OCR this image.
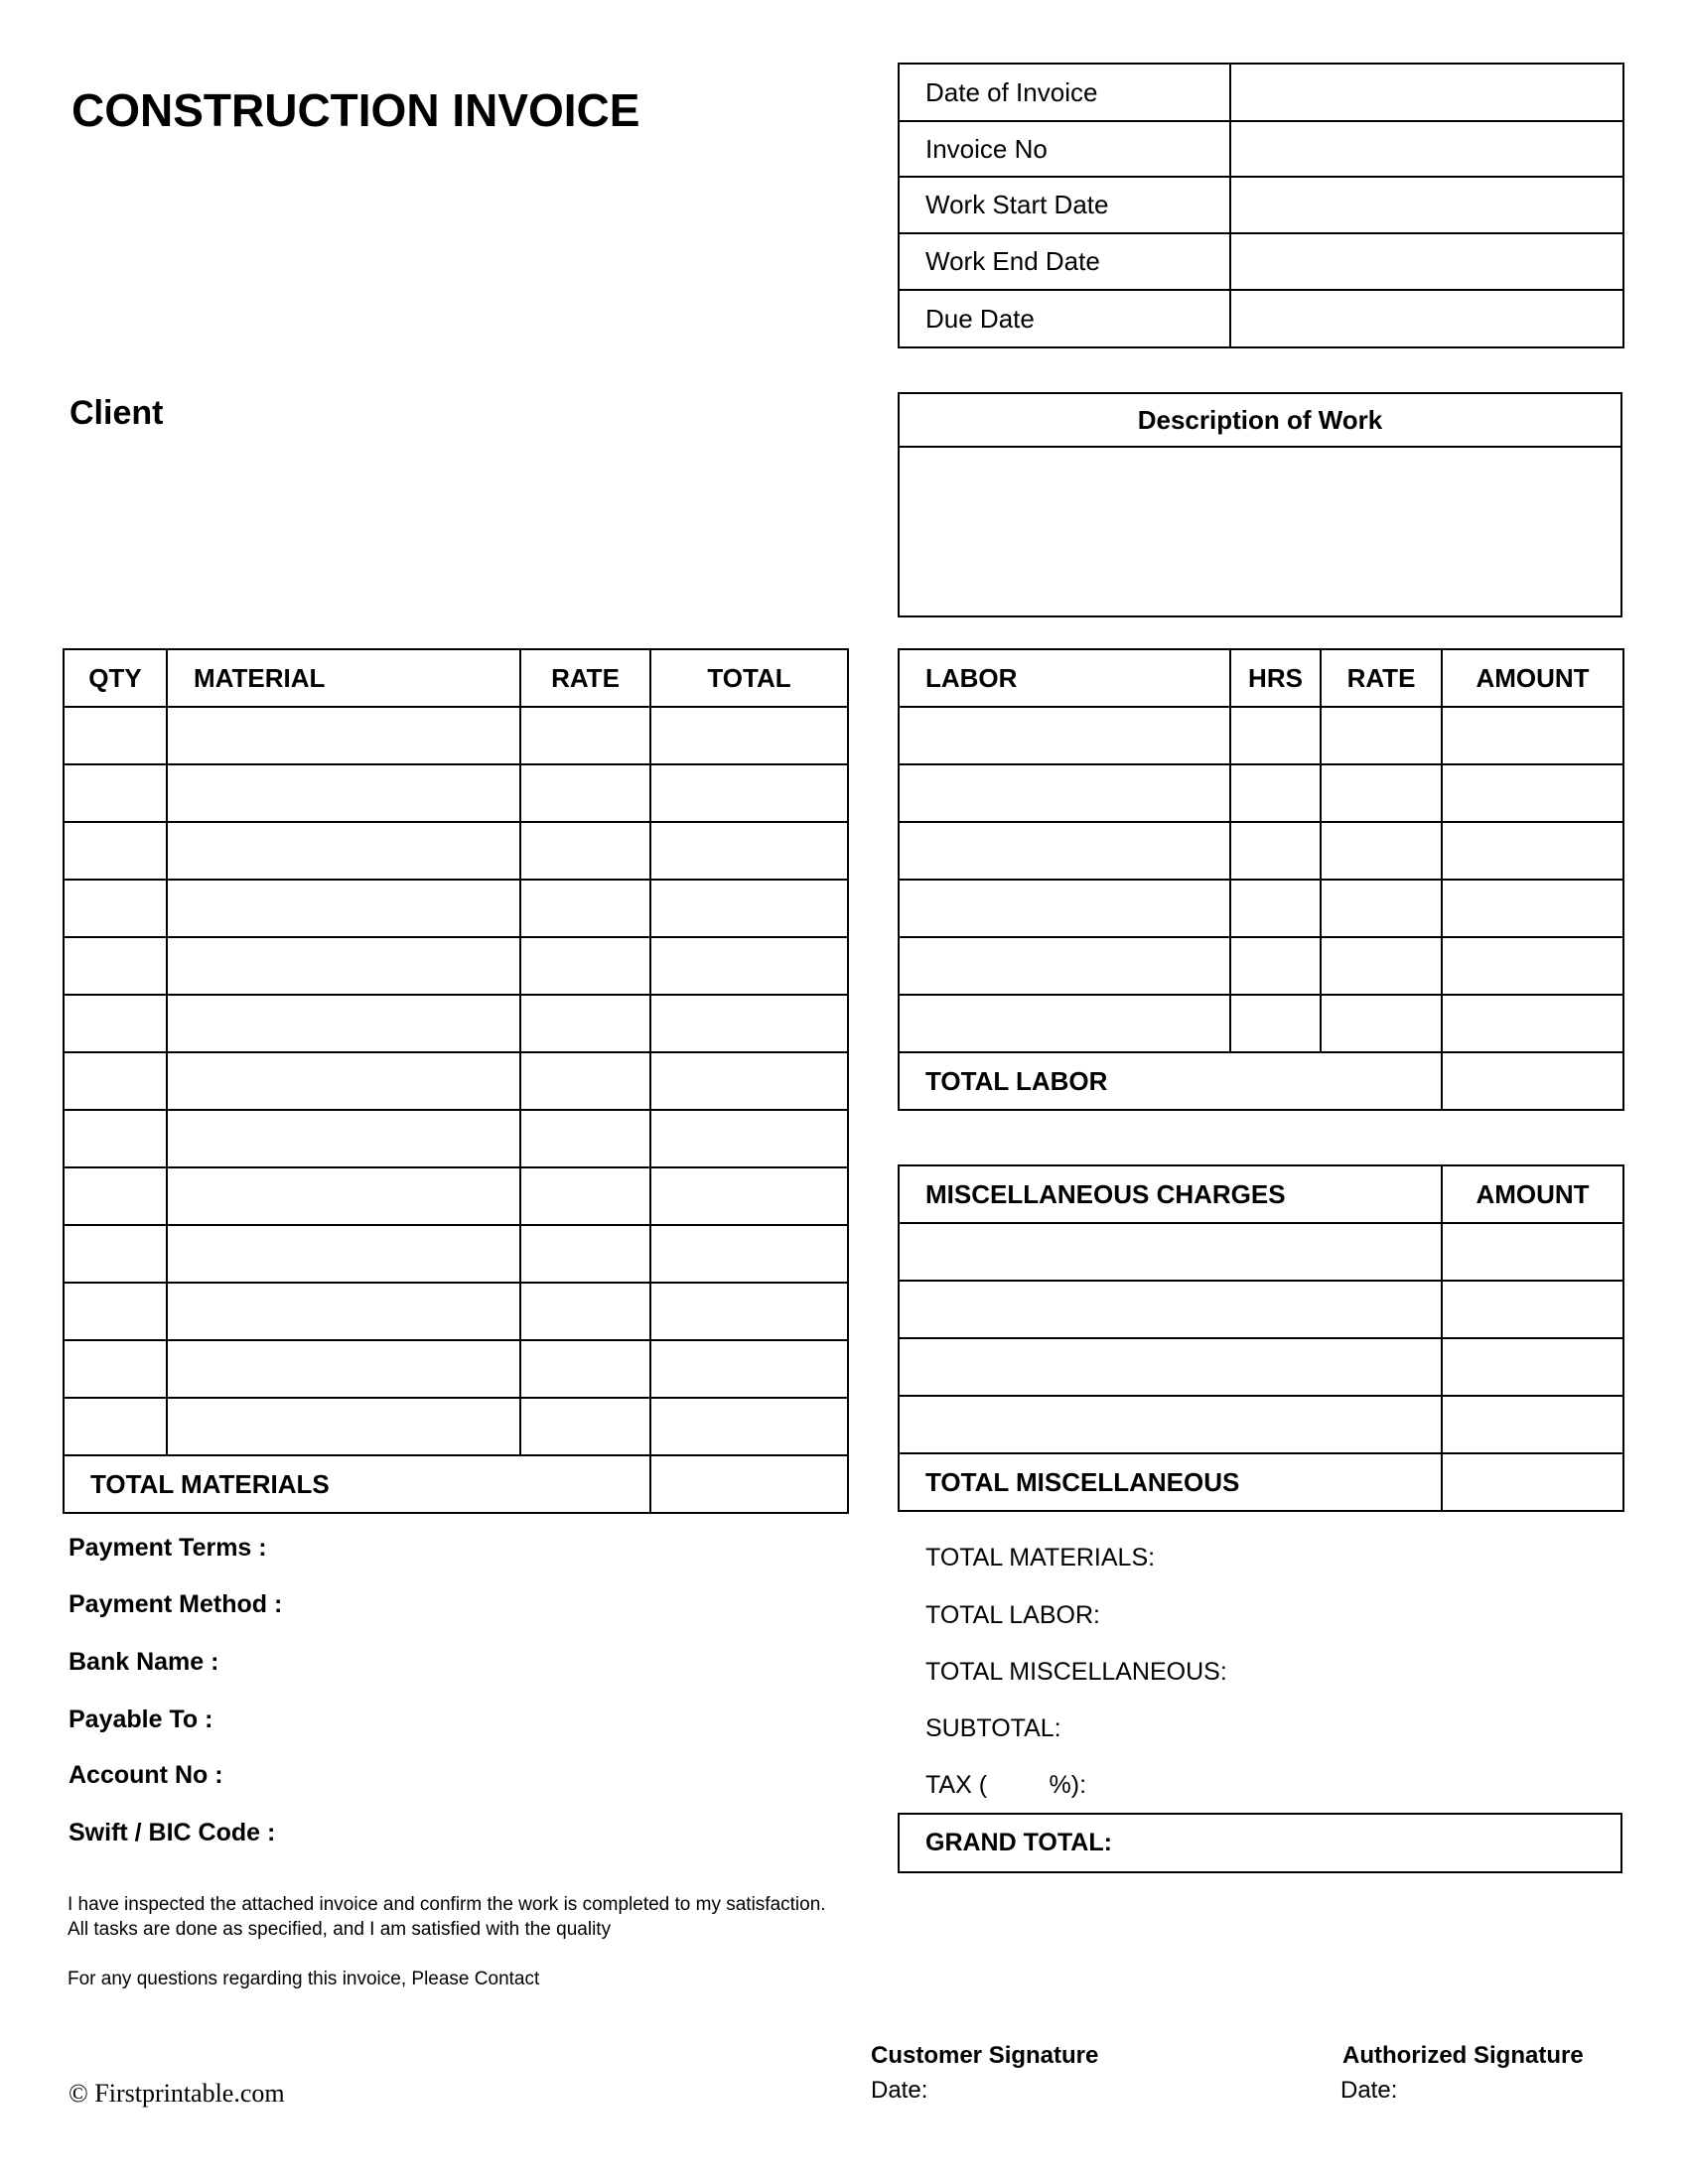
CONSTRUCTION INVOICE	Date of Invoice	
Invoice No	
Work Start Date	
Work End Date	
Due Date	
Client	Description of Work

QTY	MATERIAL	RATE	TOTAL

TOTAL MATERIALS			
LABOR	HRS	RATE	AMOUNT

TOTAL LABOR			
MISCELLANEOUS CHARGES	AMOUNT

TOTAL MISCELLANEOUS	
Payment Terms :
Payment Method :
Bank Name :
Payable To :
Account No :
Swift / BIC Code :
TOTAL MATERIALS:
TOTAL LABOR:
TOTAL MISCELLANEOUS:
SUBTOTAL:
TAX (         %):
GRAND TOTAL:
I have inspected the attached invoice and confirm the work is completed to my satisfaction.
All tasks are done as specified, and I am satisfied with the quality
For any questions regarding this invoice, Please Contact
Customer Signature
Date:
Authorized Signature
Date:
© Firstprintable.com
